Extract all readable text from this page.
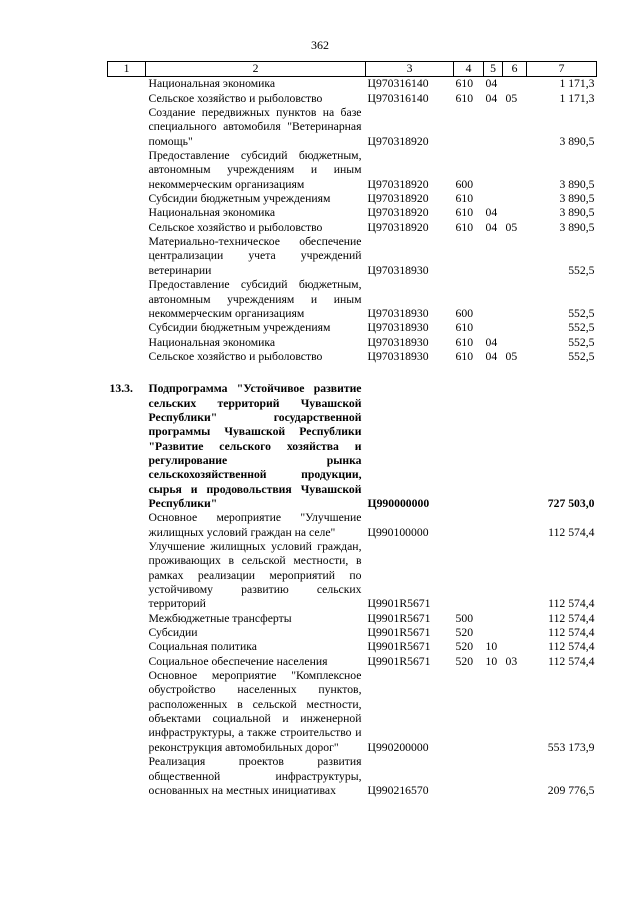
362
1	2	3	4	5	6	7
	Национальная экономика	Ц970316140	610	04		1 171,3
	Сельское хозяйство и рыболовство	Ц970316140	610	04	05	1 171,3
	Создание передвижных пунктов на базе специального автомобиля "Ветеринарная помощь"	Ц970318920				3 890,5
	Предоставление субсидий бюджетным, автономным учреждениям и иным некоммерческим организациям	Ц970318920	600			3 890,5
	Субсидии бюджетным учреждениям	Ц970318920	610			3 890,5
	Национальная экономика	Ц970318920	610	04		3 890,5
	Сельское хозяйство и рыболовство	Ц970318920	610	04	05	3 890,5
	Материально-техническое обеспечение централизации учета учреждений ветеринарии	Ц970318930				552,5
	Предоставление субсидий бюджетным, автономным учреждениям и иным некоммерческим организациям	Ц970318930	600			552,5
	Субсидии бюджетным учреждениям	Ц970318930	610			552,5
	Национальная экономика	Ц970318930	610	04		552,5
	Сельское хозяйство и рыболовство	Ц970318930	610	04	05	552,5

13.3.	Подпрограмма "Устойчивое развитие сельских территорий Чувашской Республики" государственной программы Чувашской Республики "Развитие сельского хозяйства и регулирование рынка сельскохозяйственной продукции, сырья и продовольствия Чувашской Республики"	Ц990000000				727 503,0
	Основное мероприятие "Улучшение жилищных условий граждан на селе"	Ц990100000				112 574,4
	Улучшение жилищных условий граждан, проживающих в сельской местности, в рамках реализации мероприятий по устойчивому развитию сельских территорий	Ц9901R5671				112 574,4
	Межбюджетные трансферты	Ц9901R5671	500			112 574,4
	Субсидии	Ц9901R5671	520			112 574,4
	Социальная политика	Ц9901R5671	520	10		112 574,4
	Социальное обеспечение населения	Ц9901R5671	520	10	03	112 574,4
	Основное мероприятие "Комплексное обустройство населенных пунктов, расположенных в сельской местности, объектами социальной и инженерной инфраструктуры, а также строительство и реконструкция автомобильных дорог"	Ц990200000				553 173,9
	Реализация проектов развития общественной инфраструктуры, основанных на местных инициативах	Ц990216570				209 776,5
